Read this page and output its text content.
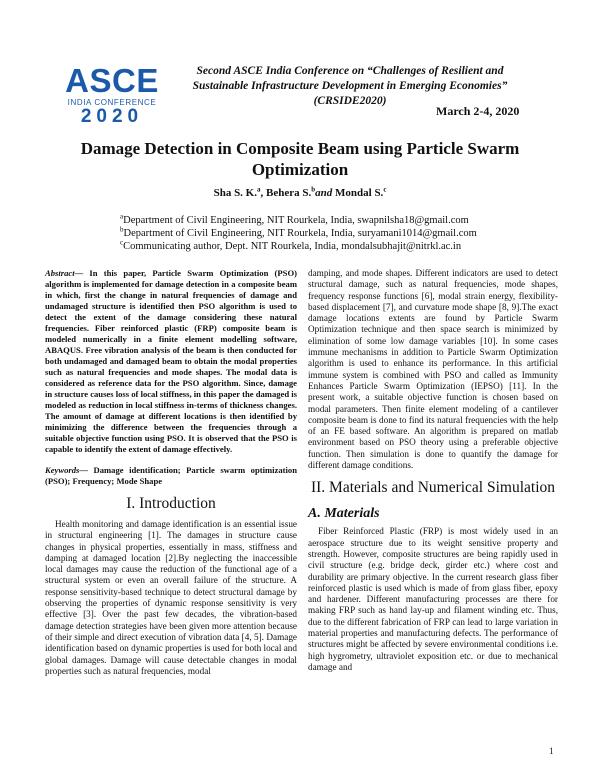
ASCE
INDIA CONFERENCE
2020
Second ASCE India Conference on “Challenges of Resilient and
Sustainable Infrastructure Development in Emerging Economies”
(CRSIDE2020)
March 2-4, 2020
Damage Detection in Composite Beam using Particle Swarm Optimization
Sha S. K.$^a$, Behera S.$^b$and Mondal S.$^c$
$^a$Department of Civil Engineering, NIT Rourkela, India, swapnilsha18@gmail.com
$^b$Department of Civil Engineering, NIT Rourkela, India, suryamani1014@gmail.com
$^c$Communicating author, Dept. NIT Rourkela, India, mondalsubhajit@nitrkl.ac.in

Abstract— In this paper, Particle Swarm Optimization (PSO) algorithm is implemented for damage detection in a composite beam in which, first the change in natural frequencies of damage and undamaged structure is identified then PSO algorithm is used to detect the extent of the damage considering these natural frequencies. Fiber reinforced plastic (FRP) composite beam is modeled numerically in a finite element modelling software, ABAQUS. Free vibration analysis of the beam is then conducted for both undamaged and damaged beam to obtain the modal properties such as natural frequencies and mode shapes. The modal data is considered as reference data for the PSO algorithm. Since, damage in structure causes loss of local stiffness, in this paper the damaged is modeled as reduction in local stiffness in-terms of thickness changes. The amount of damage at different locations is then identified by minimizing the difference between the frequencies through a suitable objective function using PSO. It is observed that the PSO is capable to identify the extent of damage effectively.

Keywords— Damage identification; Particle swarm optimization (PSO); Frequency; Mode Shape

I. Introduction

Health monitoring and damage identification is an essential issue in structural engineering [1]. The damages in structure cause changes in physical properties, essentially in mass, stiffness and damping at damaged location [2].By neglecting the inaccessible local damages may cause the reduction of the functional age of a structural system or even an overall failure of the structure. A response sensitivity-based technique to detect structural damage by observing the properties of dynamic response sensitivity is very effective [3]. Over the past few decades, the vibration-based damage detection strategies have been given more attention because of their simple and direct execution of vibration data [4, 5]. Damage identification based on dynamic properties is used for both local and global damages. Damage will cause detectable changes in modal properties such as natural frequencies, modal

damping, and mode shapes. Different indicators are used to detect structural damage, such as natural frequencies, mode shapes, frequency response functions [6], modal strain energy, flexibility-based displacement [7], and curvature mode shape [8, 9].The exact damage locations extents are found by Particle Swarm Optimization technique and then space search is minimized by elimination of some low damage variables [10]. In some cases immune mechanisms in addition to Particle Swarm Optimization algorithm is used to enhance its performance. In this artificial immune system is combined with PSO and called as Immunity Enhances Particle Swarm Optimization (IEPSO) [11]. In the present work, a suitable objective function is chosen based on modal parameters. Then finite element modeling of a cantilever composite beam is done to find its natural frequencies with the help of an FE based software. An algorithm is prepared on matlab environment based on PSO theory using a preferable objective function. Then simulation is done to quantify the damage for different damage conditions.

II. Materials and Numerical Simulation
A. Materials

Fiber Reinforced Plastic (FRP) is most widely used in an aerospace structure due to its weight sensitive property and strength. However, composite structures are being rapidly used in civil structure (e.g. bridge deck, girder etc.) where cost and durability are primary objective. In the current research glass fiber reinforced plastic is used which is made of from glass fiber, epoxy and hardener. Different manufacturing processes are there for making FRP such as hand lay-up and filament winding etc. Thus, due to the different fabrication of FRP can lead to large variation in material properties and manufacturing defects. The performance of structures might be affected by severe environmental conditions i.e. high hygrometry, ultraviolet exposition etc. or due to mechanical damage and

1
